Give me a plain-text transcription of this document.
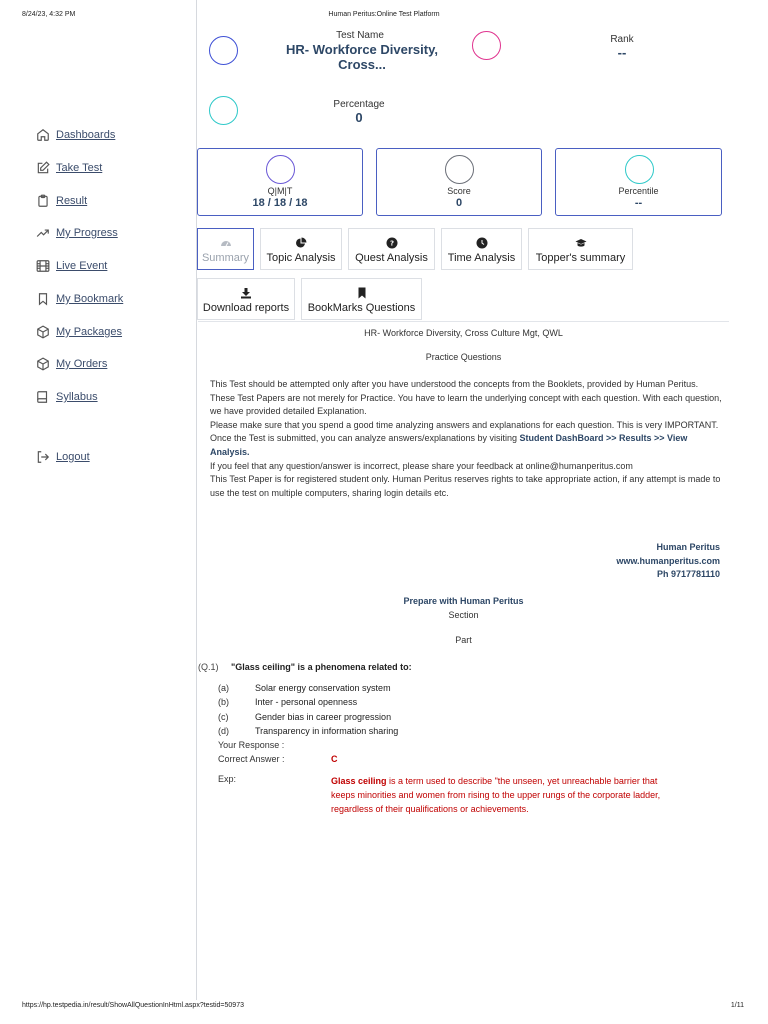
8/24/23, 4:32 PM	Human Peritus:Online Test Platform
https://hp.testpedia.in/result/ShowAllQuestionInHtml.aspx?testid=50973	1/11
Dashboards
Take Test
Result
My Progress
Live Event
My Bookmark
My Packages
My Orders
Syllabus
Logout
Test Name
HR- Workforce Diversity,
Cross...
Rank
--
Percentage
0
Q|M|T
18 / 18 / 18
Score
0
Percentile
--
Summary	Topic Analysis
?
Quest Analysis	Time Analysis	Topper's summary
Download reports	BookMarks Questions
HR- Workforce Diversity, Cross Culture Mgt, QWL
Practice Questions
This Test should be attempted only after you have understood the concepts from the Booklets, provided by Human Peritus.
These Test Papers are not merely for Practice. You have to learn the underlying concept with each question. With each question, we have provided detailed Explanation.
Please make sure that you spend a good time analyzing answers and explanations for each question. This is very IMPORTANT.
Once the Test is submitted, you can analyze answers/explanations by visiting Student DashBoard >> Results >> View Analysis.
If you feel that any question/answer is incorrect, please share your feedback at online@humanperitus.com
This Test Paper is for registered student only. Human Peritus reserves rights to take appropriate action, if any attempt is made to use the test on multiple computers, sharing login details etc.
Human Peritus
www.humanperitus.com
Ph 9717781110
Prepare with Human Peritus
Section
Part
(Q.1) "Glass ceiling" is a phenomena related to:
(a)	Solar energy conservation system
(b)	Inter - personal openness
(c)	Gender bias in career progression
(d)	Transparency in information sharing
Your Response :
Correct Answer :	C
Exp:	Glass ceiling is a term used to describe "the unseen, yet unreachable barrier that
keeps minorities and women from rising to the upper rungs of the corporate ladder,
regardless of their qualifications or achievements.
